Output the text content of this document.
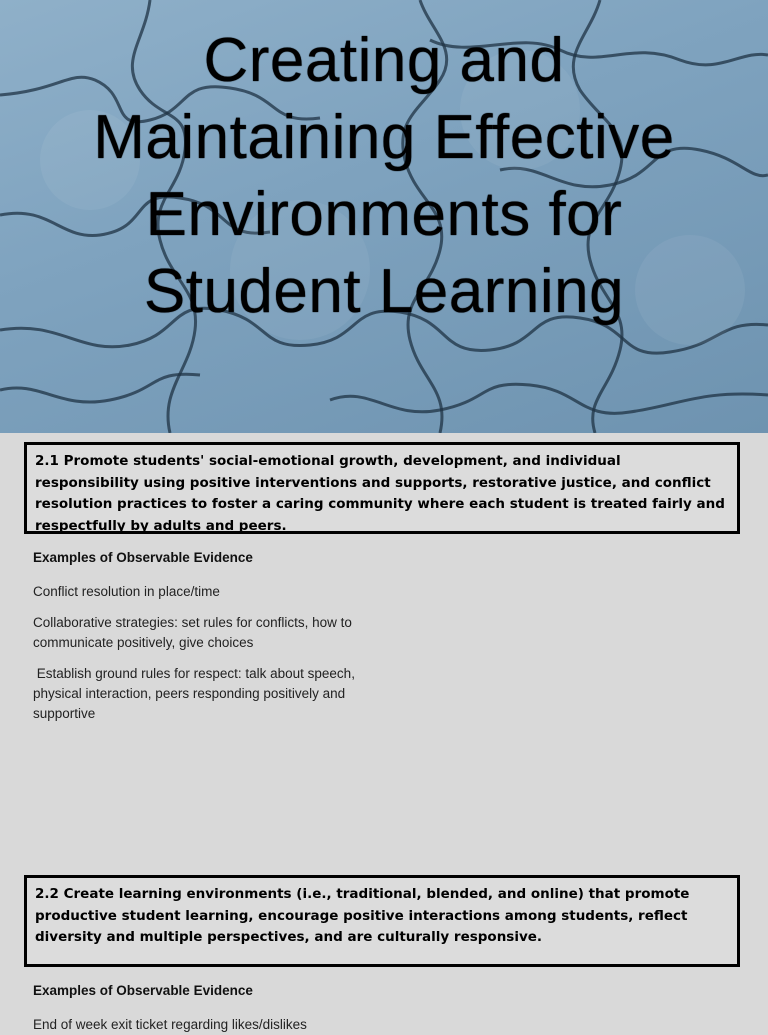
Creating and
Maintaining Effective
Environments for
Student Learning
2.1 Promote students' social-emotional growth, development, and individual responsibility using positive interventions and supports, restorative justice, and conflict resolution practices to foster a caring community where each student is treated fairly and respectfully by adults and peers.
Examples of Observable Evidence
Conflict resolution in place/time
Collaborative strategies: set rules for conflicts, how to communicate positively, give choices
Establish ground rules for respect: talk about speech, physical interaction, peers responding positively and supportive
2.2 Create learning environments (i.e., traditional, blended, and online) that promote productive student learning, encourage positive interactions among students, reflect diversity and multiple perspectives, and are culturally responsive.
Examples of Observable Evidence
End of week exit ticket regarding likes/dislikes
